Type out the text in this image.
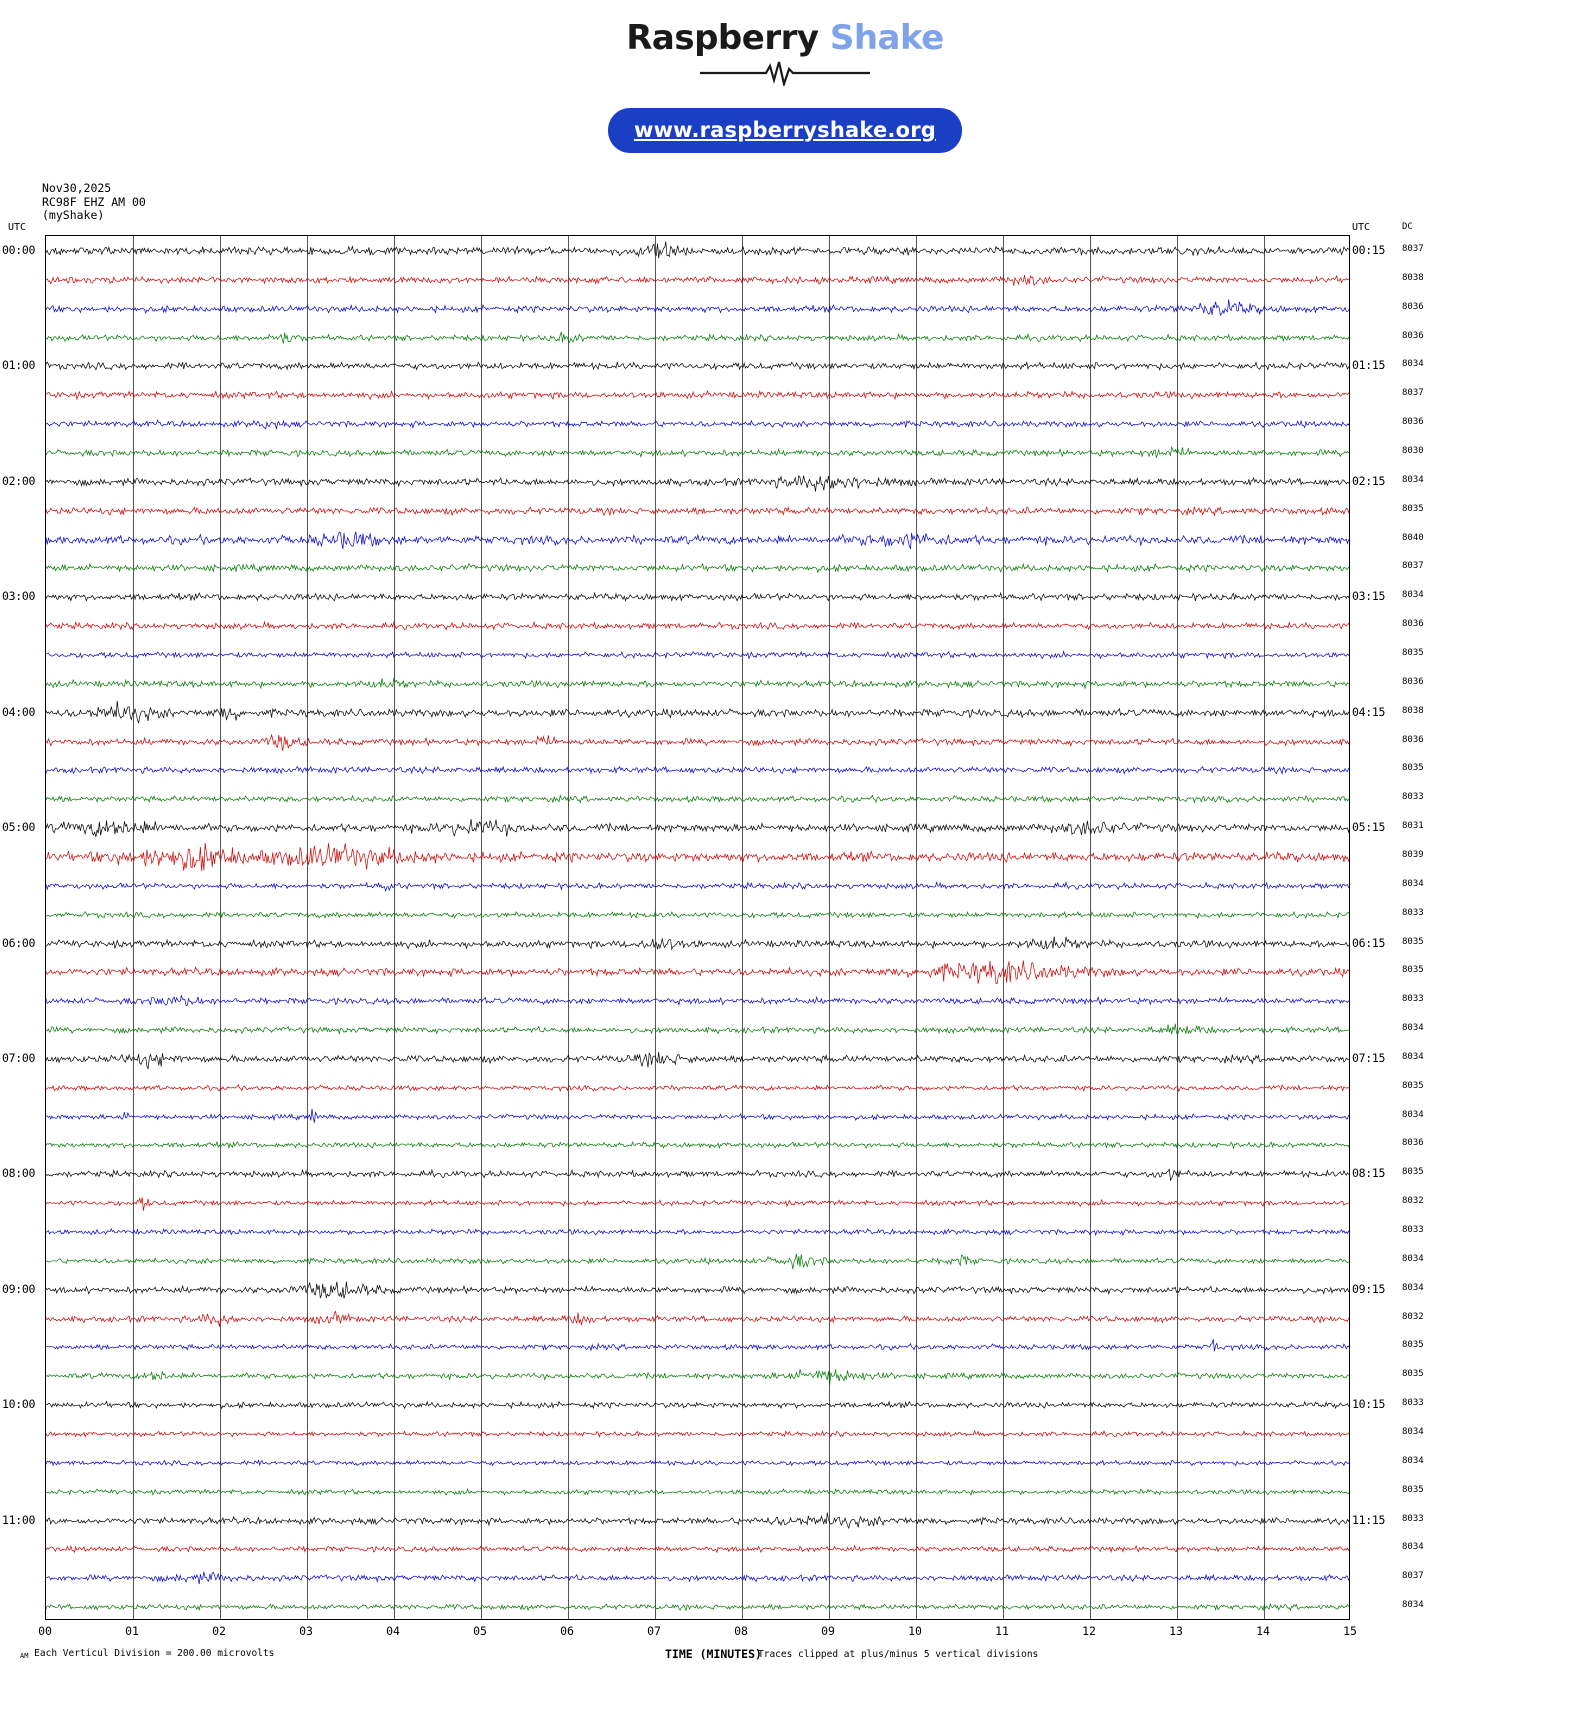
Raspberry Shake
www.raspberryshake.org
Nov30,2025
RC98F EHZ AM 00
(myShake)
UTC	UTC	DC
00:00	00:15 8037
8038
8036
8036
01:00	01:15 8034
8037
8036
8030
02:00	02:15 8034
8035
8040
8037
03:00	03:15 8034
8036
8035
8036
04:00	04:15 8038
8036
8035
8033
05:00	05:15 8031
8039
8034
8033
06:00	06:15 8035
8035
8033
8034
07:00	07:15 8034
8035
8034
8036
08:00	08:15 8035
8032
8033
8034
09:00	09:15 8034
8032
8035
8035
10:00	10:15 8033
8034
8034
8035
11:00	11:15 8033
8034
8037
8034
00	01	02	03	04	05	06	07	08	09	10	11	12	13	14	15
TIME (MINUTES)
Traces clipped at plus/minus 5 vertical divisions
$_{AM}$ Each Verticul Division = 200.00 microvolts
